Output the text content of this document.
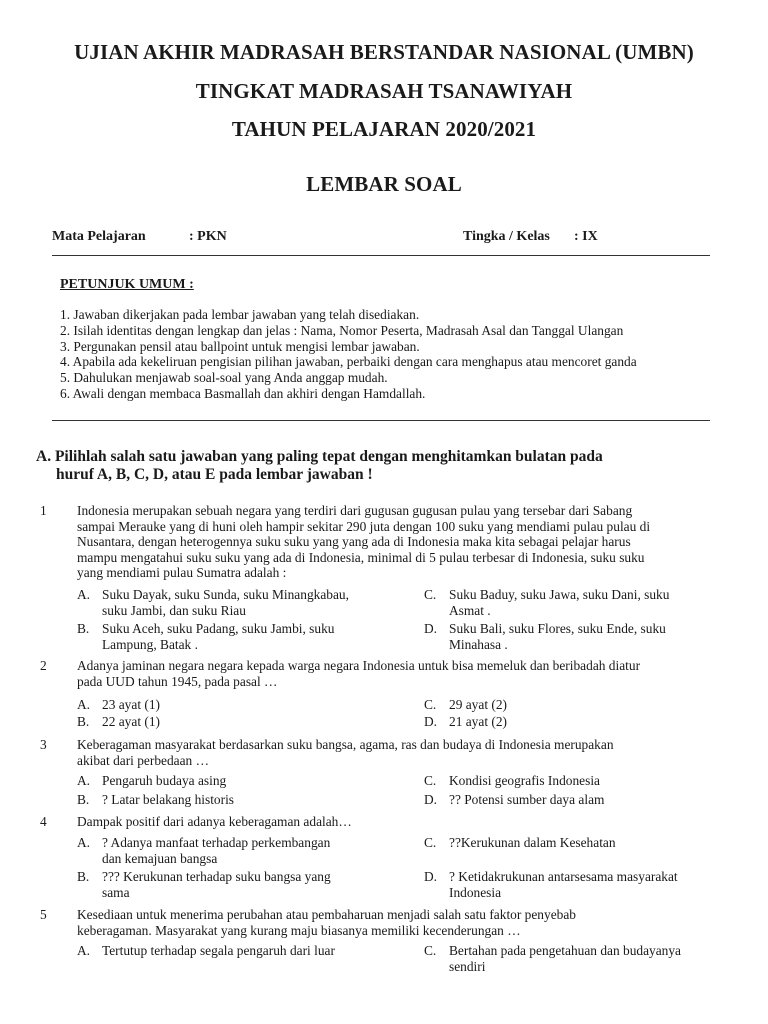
UJIAN AKHIR MADRASAH BERSTANDAR NASIONAL (UMBN)
TINGKAT MADRASAH TSANAWIYAH
TAHUN PELAJARAN 2020/2021
LEMBAR SOAL
Mata Pelajaran	: PKN	Tingka / Kelas : IX
PETUNJUK UMUM :
1. Jawaban dikerjakan pada lembar jawaban yang telah disediakan.
2. Isilah identitas dengan lengkap dan jelas : Nama, Nomor Peserta, Madrasah Asal dan Tanggal Ulangan
3. Pergunakan pensil atau ballpoint untuk mengisi lembar jawaban.
4. Apabila ada kekeliruan pengisian pilihan jawaban, perbaiki dengan cara menghapus atau mencoret ganda
5. Dahulukan menjawab soal-soal yang Anda anggap mudah.
6. Awali dengan membaca Basmallah dan akhiri dengan Hamdallah.
A. Pilihlah salah satu jawaban yang paling tepat dengan menghitamkan bulatan pada
huruf A, B, C, D, atau E pada lembar jawaban !
1 Indonesia merupakan sebuah negara yang terdiri dari gugusan gugusan pulau yang tersebar dari Sabang
sampai Merauke yang di huni oleh hampir sekitar 290 juta dengan 100 suku yang mendiami pulau pulau di
Nusantara, dengan heterogennya suku suku yang yang ada di Indonesia maka kita sebagai pelajar harus
mampu mengatahui suku suku yang ada di Indonesia, minimal di 5 pulau terbesar di Indonesia, suku suku
yang mendiami pulau Sumatra adalah :
A. Suku Dayak, suku Sunda, suku Minangkabau,
suku Jambi, dan suku Riau
B. Suku Aceh, suku Padang, suku Jambi, suku
Lampung, Batak .
C. Suku Baduy, suku Jawa, suku Dani, suku
Asmat .
D. Suku Bali, suku Flores, suku Ende, suku
Minahasa .
2 Adanya jaminan negara negara kepada warga negara Indonesia untuk bisa memeluk dan beribadah diatur
pada UUD tahun 1945, pada pasal …
A. 23 ayat (1)
B. 22 ayat (1)
C. 29 ayat (2)
D. 21 ayat (2)
3 Keberagaman masyarakat berdasarkan suku bangsa, agama, ras dan budaya di Indonesia merupakan
akibat dari perbedaan …
A. Pengaruh budaya asing
B. ? Latar belakang historis
C. Kondisi geografis Indonesia
D. ?? Potensi sumber daya alam
4 Dampak positif dari adanya keberagaman adalah…
A. ? Adanya manfaat terhadap perkembangan
dan kemajuan bangsa
B. ??? Kerukunan terhadap suku bangsa yang
sama
C. ??Kerukunan dalam Kesehatan
D. ? Ketidakrukunan antarsesama masyarakat
Indonesia
5 Kesediaan untuk menerima perubahan atau pembaharuan menjadi salah satu faktor penyebab
keberagaman. Masyarakat yang kurang maju biasanya memiliki kecenderungan …
A. Tertutup terhadap segala pengaruh dari luar	C. Bertahan pada pengetahuan dan budayanya
sendiri
